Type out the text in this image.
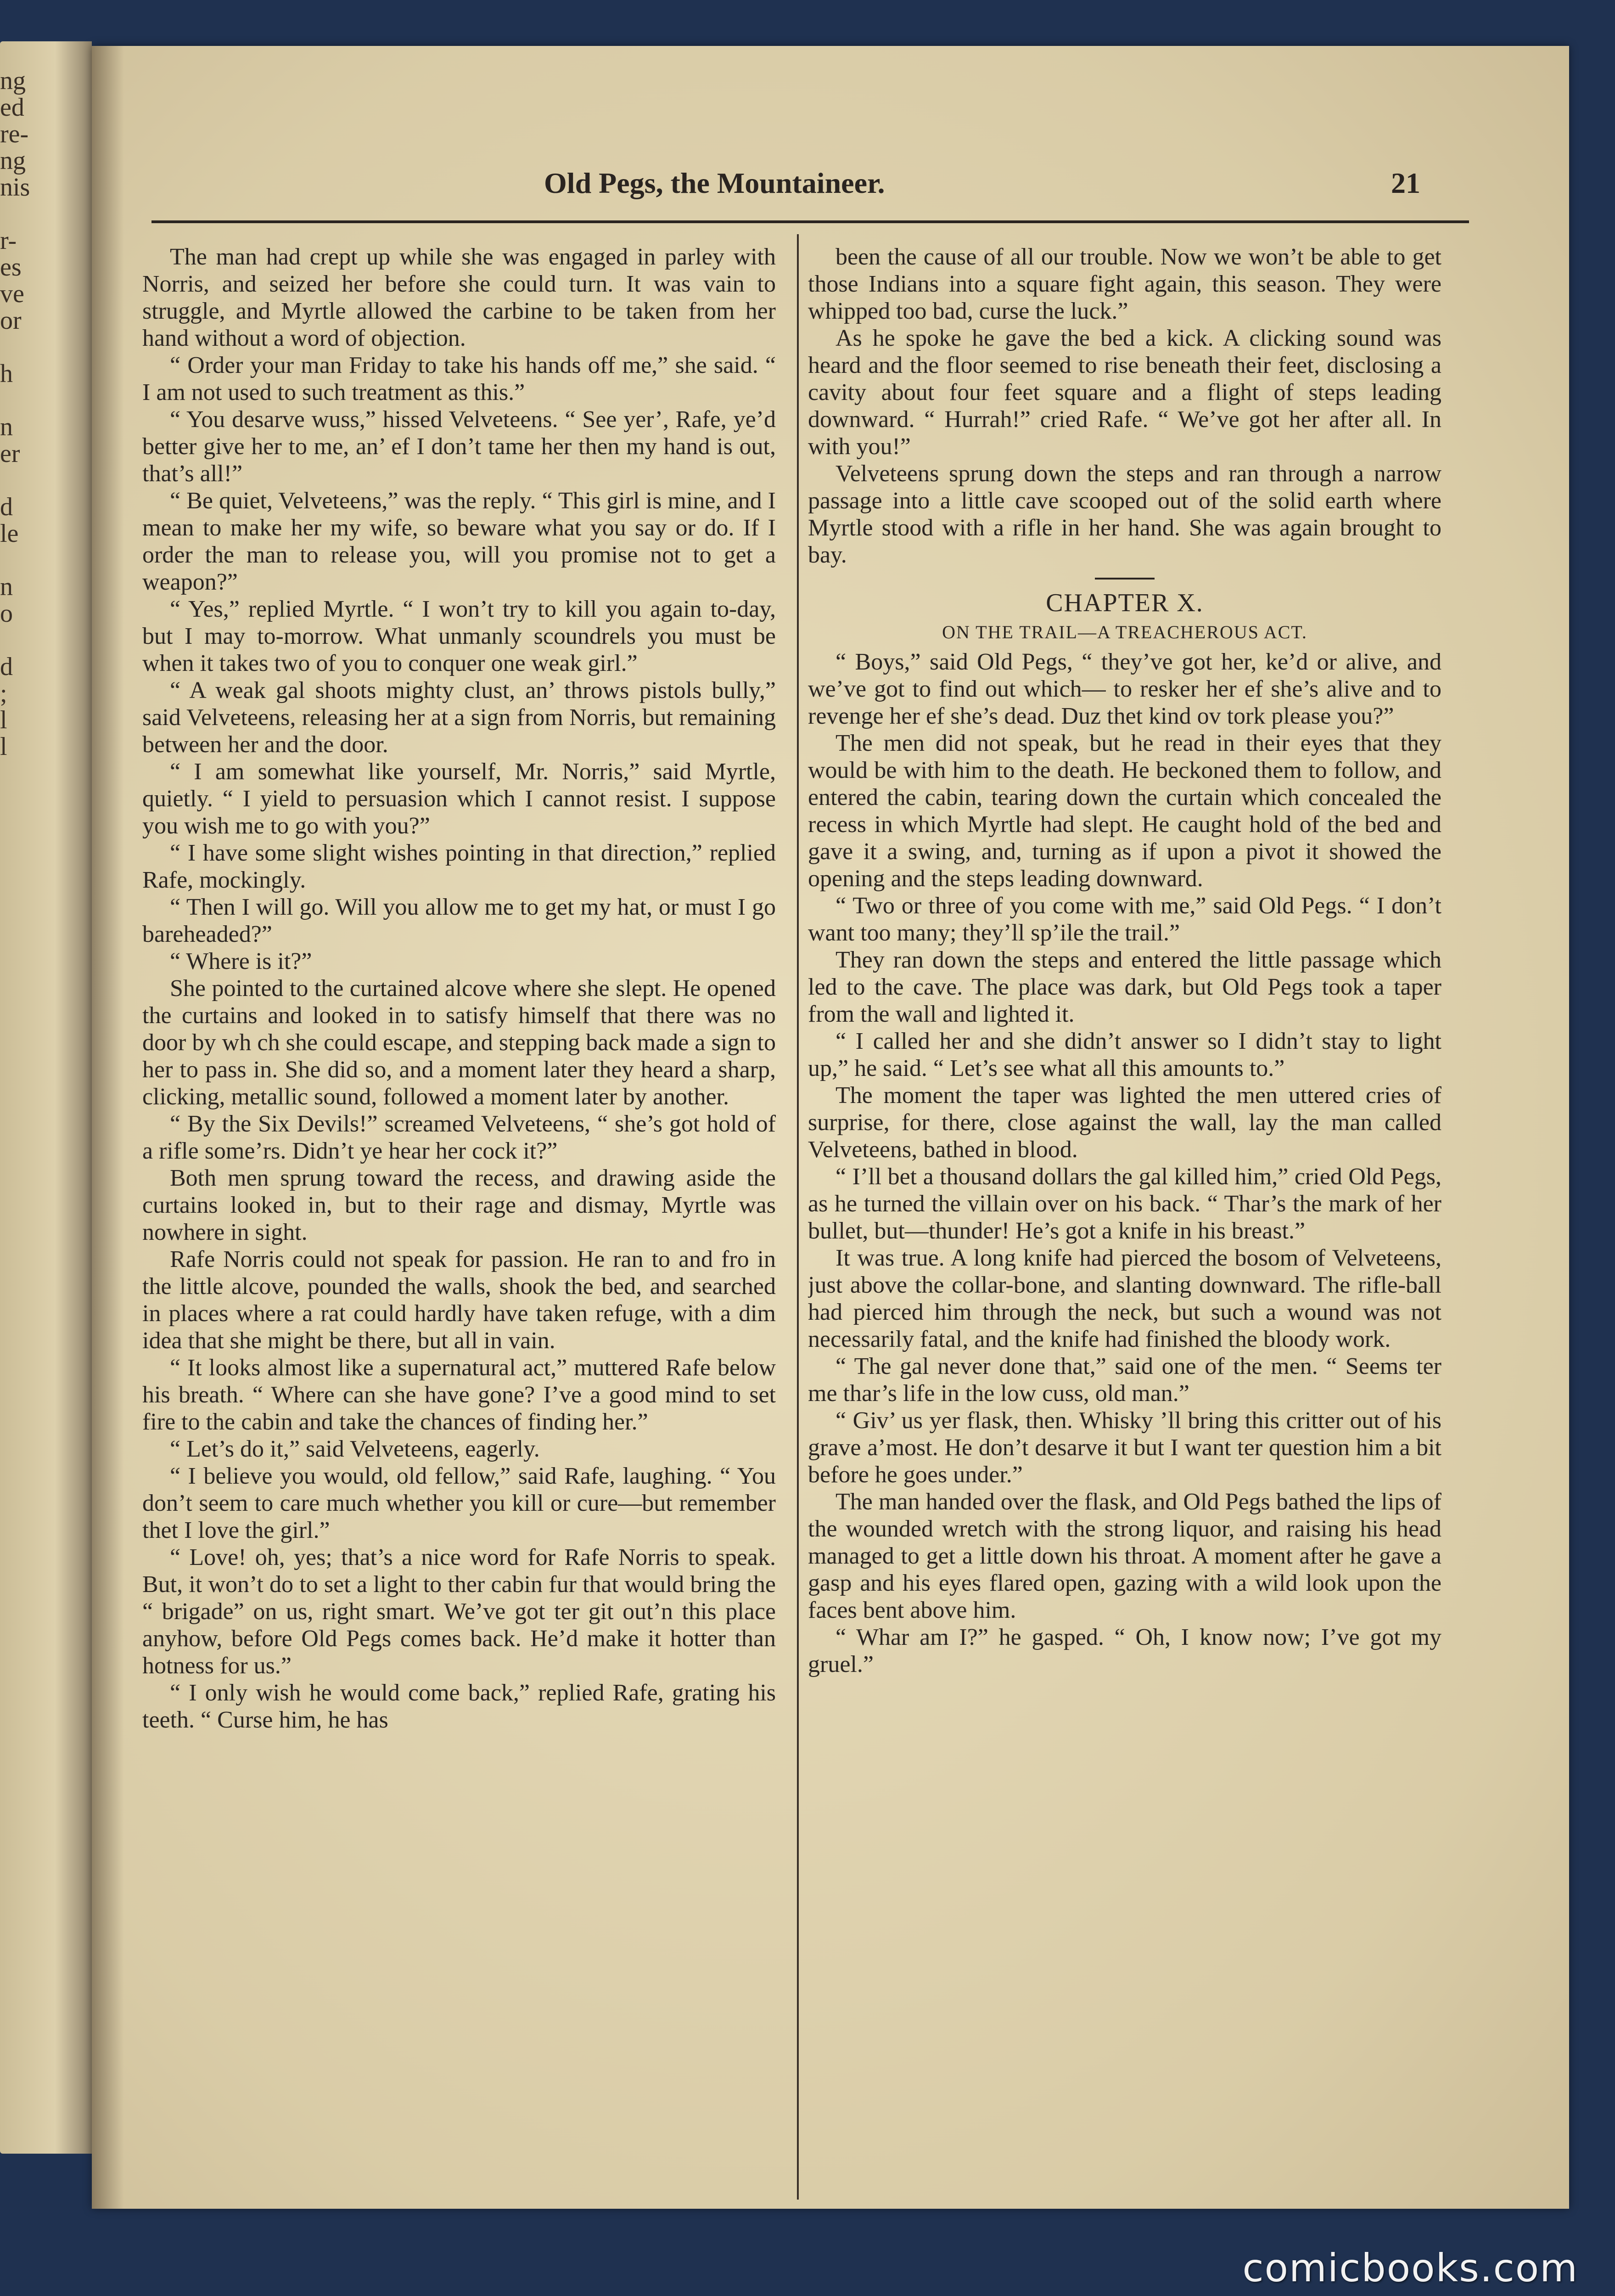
ng
ed
re-
ng
nis
r-
es
ve
or
h
n
er
d
le
n
o
d
;
l
l
Old Pegs, the Mountaineer.	21

The man had crept up while she was engaged in parley with Norris, and seized her before she could turn. It was vain to struggle, and Myrtle allowed the carbine to be taken from her hand without a word of objection.

“ Order your man Friday to take his hands off me,” she said. “ I am not used to such treatment as this.”

“ You desarve wuss,” hissed Velveteens. “ See yer’, Rafe, ye’d better give her to me, an’ ef I don’t tame her then my hand is out, that’s all!”

“ Be quiet, Velveteens,” was the reply. “ This girl is mine, and I mean to make her my wife, so beware what you say or do. If I order the man to release you, will you promise not to get a weapon?”

“ Yes,” replied Myrtle. “ I won’t try to kill you again to-day, but I may to-morrow. What unmanly scoundrels you must be when it takes two of you to conquer one weak girl.”

“ A weak gal shoots mighty clust, an’ throws pistols bully,” said Velveteens, releasing her at a sign from Norris, but remaining between her and the door.

“ I am somewhat like yourself, Mr. Norris,” said Myrtle, quietly. “ I yield to persuasion which I cannot resist. I suppose you wish me to go with you?”

“ I have some slight wishes pointing in that direction,” replied Rafe, mockingly.

“ Then I will go. Will you allow me to get my hat, or must I go bareheaded?”

“ Where is it?”

She pointed to the curtained alcove where she slept. He opened the curtains and looked in to satisfy himself that there was no door by wh ch she could escape, and stepping back made a sign to her to pass in. She did so, and a moment later they heard a sharp, clicking, metallic sound, followed a moment later by another.

“ By the Six Devils!” screamed Velveteens, “ she’s got hold of a rifle some’rs. Didn’t ye hear her cock it?”

Both men sprung toward the recess, and drawing aside the curtains looked in, but to their rage and dismay, Myrtle was nowhere in sight.

Rafe Norris could not speak for passion. He ran to and fro in the little alcove, pounded the walls, shook the bed, and searched in places where a rat could hardly have taken refuge, with a dim idea that she might be there, but all in vain.

“ It looks almost like a supernatural act,” muttered Rafe below his breath. “ Where can she have gone? I’ve a good mind to set fire to the cabin and take the chances of finding her.”

“ Let’s do it,” said Velveteens, eagerly.

“ I believe you would, old fellow,” said Rafe, laughing. “ You don’t seem to care much whether you kill or cure—but remember thet I love the girl.”

“ Love! oh, yes; that’s a nice word for Rafe Norris to speak. But, it won’t do to set a light to ther cabin fur that would bring the “ brigade” on us, right smart. We’ve got ter git out’n this place anyhow, before Old Pegs comes back. He’d make it hotter than hotness for us.”

“ I only wish he would come back,” replied Rafe, grating his teeth. “ Curse him, he has

been the cause of all our trouble. Now we won’t be able to get those Indians into a square fight again, this season. They were whipped too bad, curse the luck.”

As he spoke he gave the bed a kick. A clicking sound was heard and the floor seemed to rise beneath their feet, disclosing a cavity about four feet square and a flight of steps leading downward. “ Hurrah!” cried Rafe. “ We’ve got her after all. In with you!”

Velveteens sprung down the steps and ran through a narrow passage into a little cave scooped out of the solid earth where Myrtle stood with a rifle in her hand. She was again brought to bay.

CHAPTER X.
ON THE TRAIL—A TREACHEROUS ACT.

“ Boys,” said Old Pegs, “ they’ve got her, ke’d or alive, and we’ve got to find out which— to resker her ef she’s alive and to revenge her ef she’s dead. Duz thet kind ov tork please you?”

The men did not speak, but he read in their eyes that they would be with him to the death. He beckoned them to follow, and entered the cabin, tearing down the curtain which concealed the recess in which Myrtle had slept. He caught hold of the bed and gave it a swing, and, turning as if upon a pivot it showed the opening and the steps leading downward.

“ Two or three of you come with me,” said Old Pegs. “ I don’t want too many; they’ll sp’ile the trail.”

They ran down the steps and entered the little passage which led to the cave. The place was dark, but Old Pegs took a taper from the wall and lighted it.

“ I called her and she didn’t answer so I didn’t stay to light up,” he said. “ Let’s see what all this amounts to.”

The moment the taper was lighted the men uttered cries of surprise, for there, close against the wall, lay the man called Velveteens, bathed in blood.

“ I’ll bet a thousand dollars the gal killed him,” cried Old Pegs, as he turned the villain over on his back. “ Thar’s the mark of her bullet, but—thunder! He’s got a knife in his breast.”

It was true. A long knife had pierced the bosom of Velveteens, just above the collar-bone, and slanting downward. The rifle-ball had pierced him through the neck, but such a wound was not necessarily fatal, and the knife had finished the bloody work.

“ The gal never done that,” said one of the men. “ Seems ter me thar’s life in the low cuss, old man.”

“ Giv’ us yer flask, then. Whisky ’ll bring this critter out of his grave a’most. He don’t desarve it but I want ter question him a bit before he goes under.”

The man handed over the flask, and Old Pegs bathed the lips of the wounded wretch with the strong liquor, and raising his head managed to get a little down his throat. A moment after he gave a gasp and his eyes flared open, gazing with a wild look upon the faces bent above him.

“ Whar am I?” he gasped. “ Oh, I know now; I’ve got my gruel.”

comicbooks.com
